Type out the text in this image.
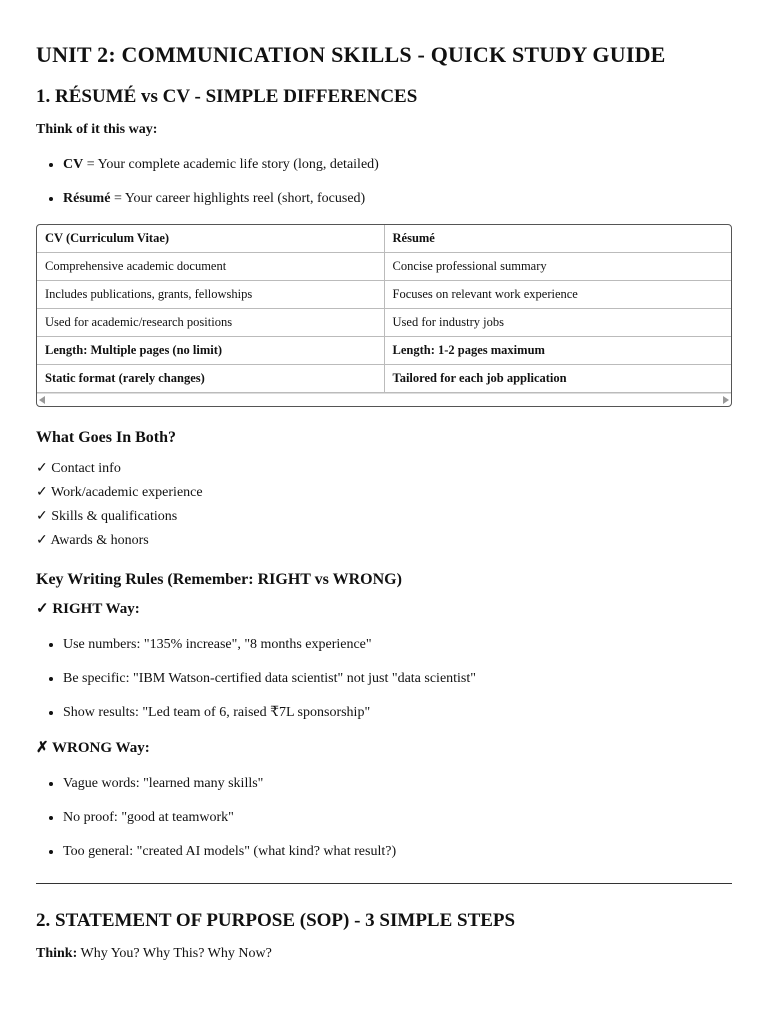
UNIT 2: COMMUNICATION SKILLS - QUICK STUDY GUIDE
1. RÉSUMÉ vs CV - SIMPLE DIFFERENCES

Think of it this way:

• CV = Your complete academic life story (long, detailed)
• Résumé = Your career highlights reel (short, focused)
CV (Curriculum Vitae)	Résumé
Comprehensive academic document	Concise professional summary
Includes publications, grants, fellowships	Focuses on relevant work experience
Used for academic/research positions	Used for industry jobs
Length: Multiple pages (no limit)	Length: 1-2 pages maximum
Static format (rarely changes)	Tailored for each job application
What Goes In Both?
✓ Contact info
✓ Work/academic experience
✓ Skills & qualifications
✓ Awards & honors
Key Writing Rules (Remember: RIGHT vs WRONG)
✓ RIGHT Way:
• Use numbers: "135% increase", "8 months experience"
• Be specific: "IBM Watson-certified data scientist" not just "data scientist"
• Show results: "Led team of 6, raised ₹7L sponsorship"
✗ WRONG Way:
• Vague words: "learned many skills"
• No proof: "good at teamwork"
• Too general: "created AI models" (what kind? what result?)
2. STATEMENT OF PURPOSE (SOP) - 3 SIMPLE STEPS

Think: Why You? Why This? Why Now?
